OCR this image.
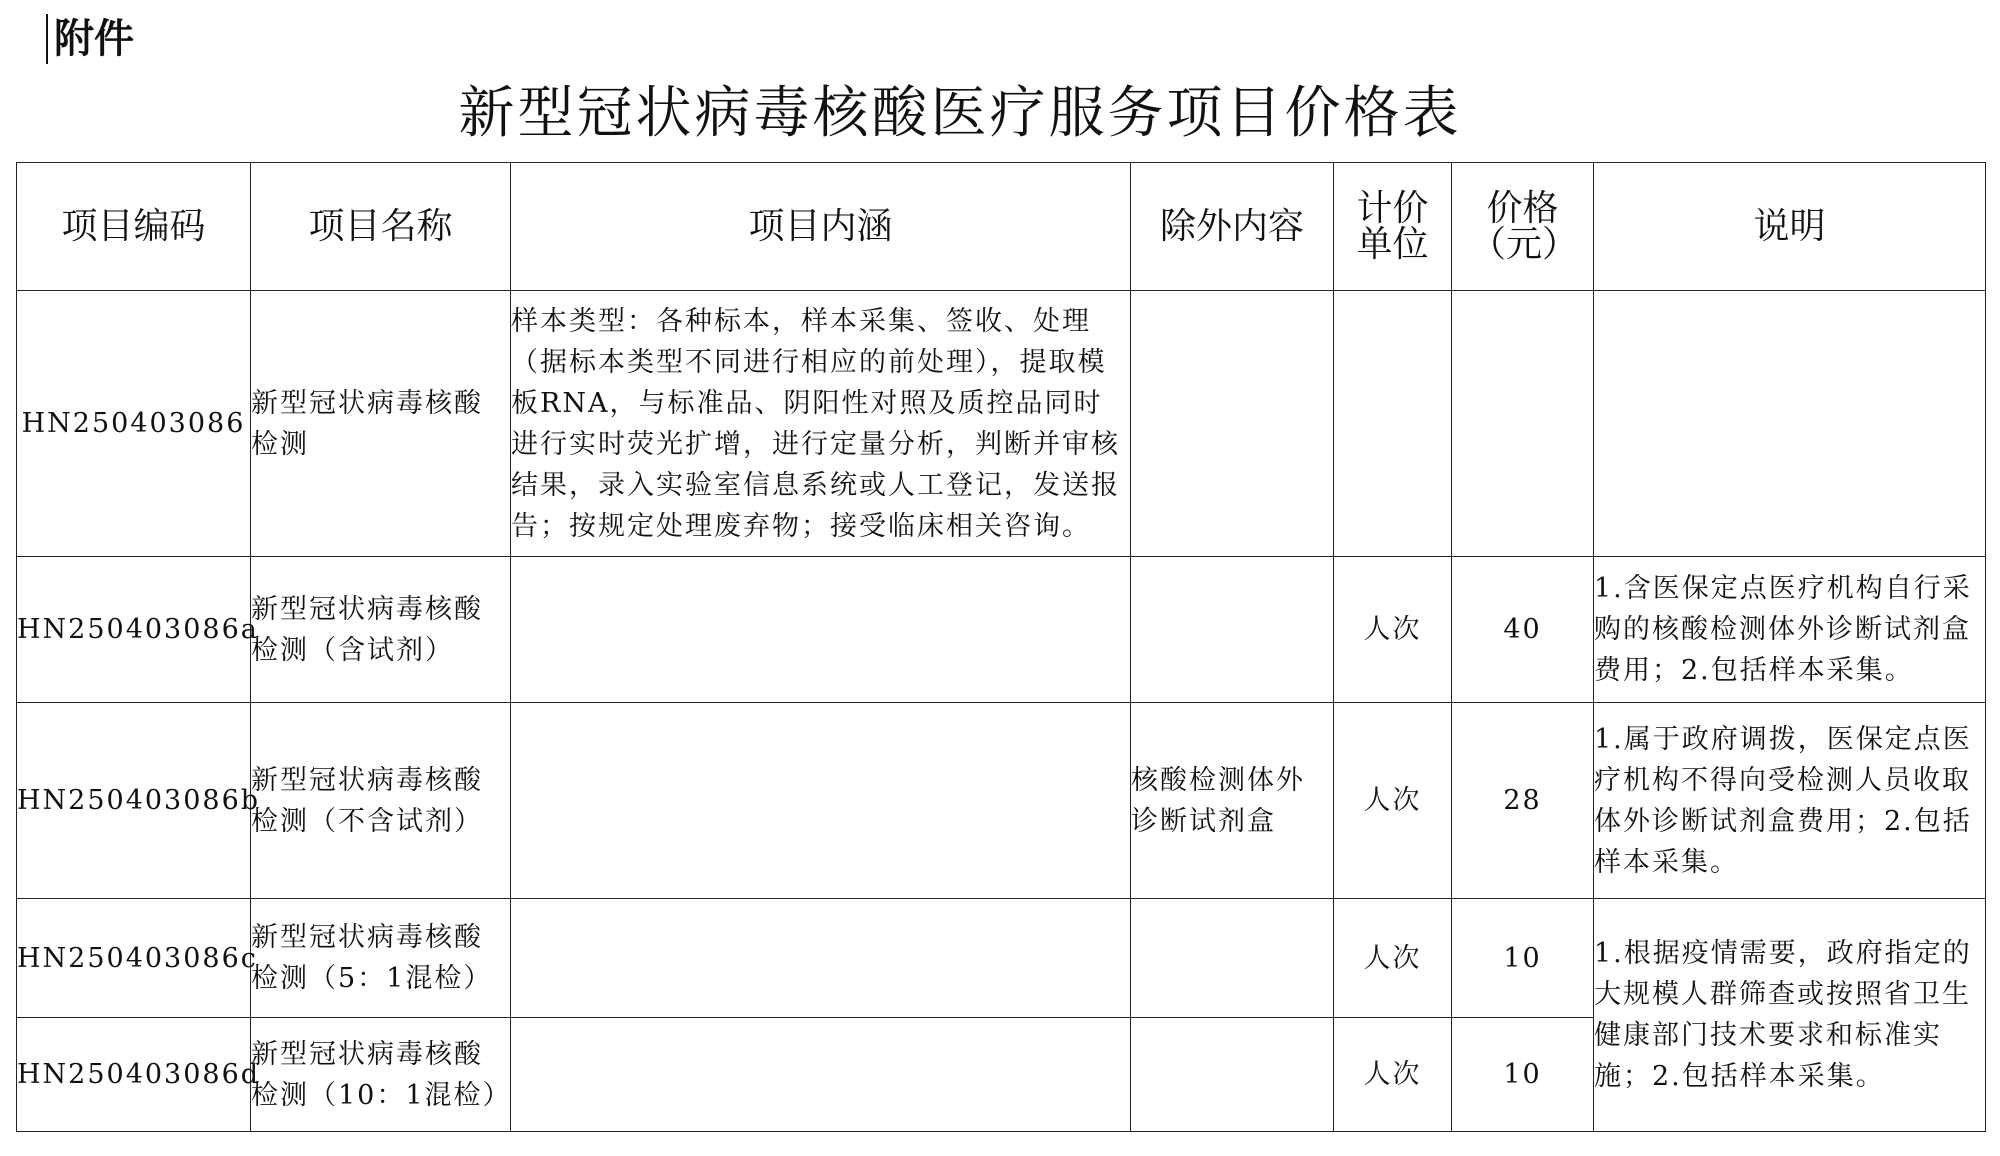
附件
新型冠状病毒核酸医疗服务项目价格表
项目编码	项目名称	项目内涵	除外内容	计价单位	价格（元）	说明
HN250403086	新型冠状病毒核酸检测	样本类型：各种标本，样本采集、签收、处理（据标本类型不同进行相应的前处理），提取模板RNA，与标准品、阴阳性对照及质控品同时进行实时荧光扩增，进行定量分析，判断并审核结果，录入实验室信息系统或人工登记，发送报告；按规定处理废弃物；接受临床相关咨询。				
HN250403086a	新型冠状病毒核酸检测（含试剂）			人次	40	1.含医保定点医疗机构自行采购的核酸检测体外诊断试剂盒费用；2.包括样本采集。
HN250403086b	新型冠状病毒核酸检测（不含试剂）		核酸检测体外诊断试剂盒	人次	28	1.属于政府调拨，医保定点医疗机构不得向受检测人员收取体外诊断试剂盒费用；2.包括样本采集。
HN250403086c	新型冠状病毒核酸检测（5：1混检）			人次	10	1.根据疫情需要，政府指定的大规模人群筛查或按照省卫生健康部门技术要求和标准实施；2.包括样本采集。
HN250403086d	新型冠状病毒核酸检测（10：1混检）			人次	10	
